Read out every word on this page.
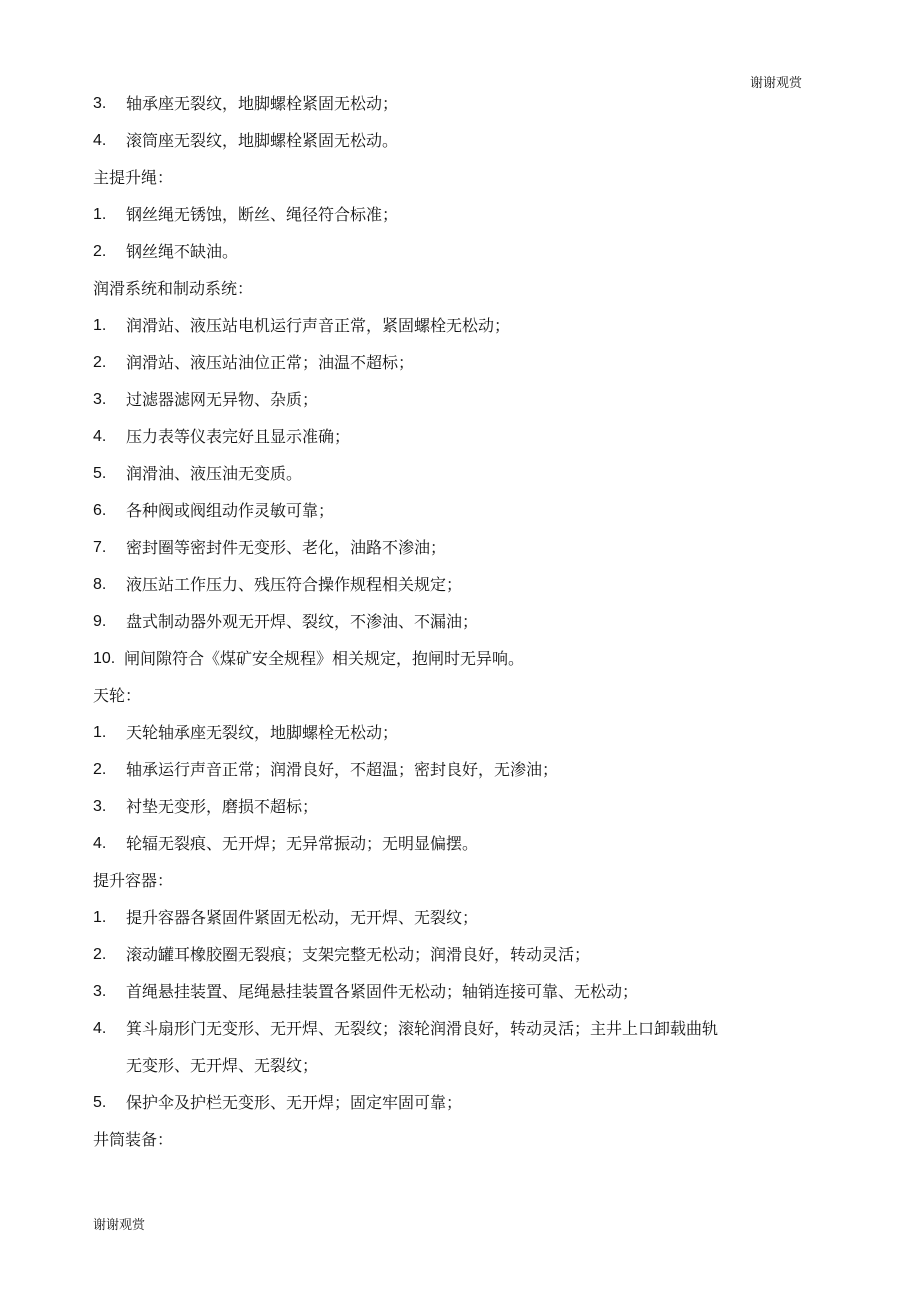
谢谢观赏
3.	轴承座无裂纹，地脚螺栓紧固无松动；
4.	滚筒座无裂纹，地脚螺栓紧固无松动。
主提升绳：
1.	钢丝绳无锈蚀，断丝、绳径符合标准；
2.	钢丝绳不缺油。
润滑系统和制动系统：
1.	润滑站、液压站电机运行声音正常，紧固螺栓无松动；
2.	润滑站、液压站油位正常；油温不超标；
3.	过滤器滤网无异物、杂质；
4.	压力表等仪表完好且显示准确；
5.	润滑油、液压油无变质。
6.	各种阀或阀组动作灵敏可靠；
7.	密封圈等密封件无变形、老化，油路不渗油；
8.	液压站工作压力、残压符合操作规程相关规定；
9.	盘式制动器外观无开焊、裂纹，不渗油、不漏油；
10. 闸间隙符合《煤矿安全规程》相关规定，抱闸时无异响。
天轮：
1.	天轮轴承座无裂纹，地脚螺栓无松动；
2.	轴承运行声音正常；润滑良好，不超温；密封良好，无渗油；
3.	衬垫无变形，磨损不超标；
4.	轮辐无裂痕、无开焊；无异常振动；无明显偏摆。
提升容器：
1.	提升容器各紧固件紧固无松动，无开焊、无裂纹；
2.	滚动罐耳橡胶圈无裂痕；支架完整无松动；润滑良好，转动灵活；
3.	首绳悬挂装置、尾绳悬挂装置各紧固件无松动；轴销连接可靠、无松动；
4.	箕斗扇形门无变形、无开焊、无裂纹；滚轮润滑良好，转动灵活；主井上口卸载曲轨
无变形、无开焊、无裂纹；
5.	保护伞及护栏无变形、无开焊；固定牢固可靠；
井筒装备：
谢谢观赏
